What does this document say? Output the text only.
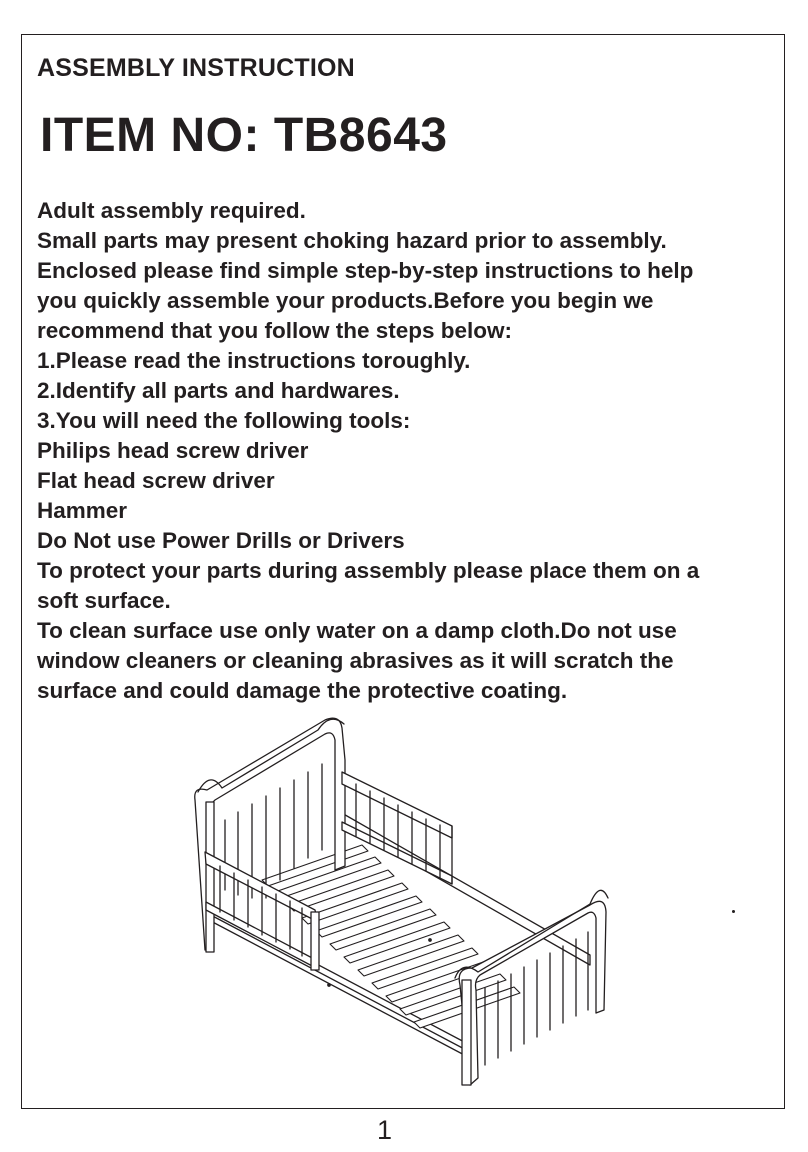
ASSEMBLY INSTRUCTION
ITEM NO: TB8643
Adult assembly required.
Small parts may present choking hazard prior to assembly.
Enclosed please find simple step-by-step instructions to help
you quickly assemble your products.Before you begin we
recommend that you follow the steps below:
1.Please read the instructions toroughly.
2.Identify all parts and hardwares.
3.You will need the following tools:
Philips head screw driver
Flat head screw driver
Hammer
Do Not use Power Drills or Drivers
To protect your parts during assembly please place them on a
soft surface.
To clean surface use only water on a damp cloth.Do not use
window cleaners or cleaning abrasives as it will scratch the
surface and could damage the protective coating.
1
